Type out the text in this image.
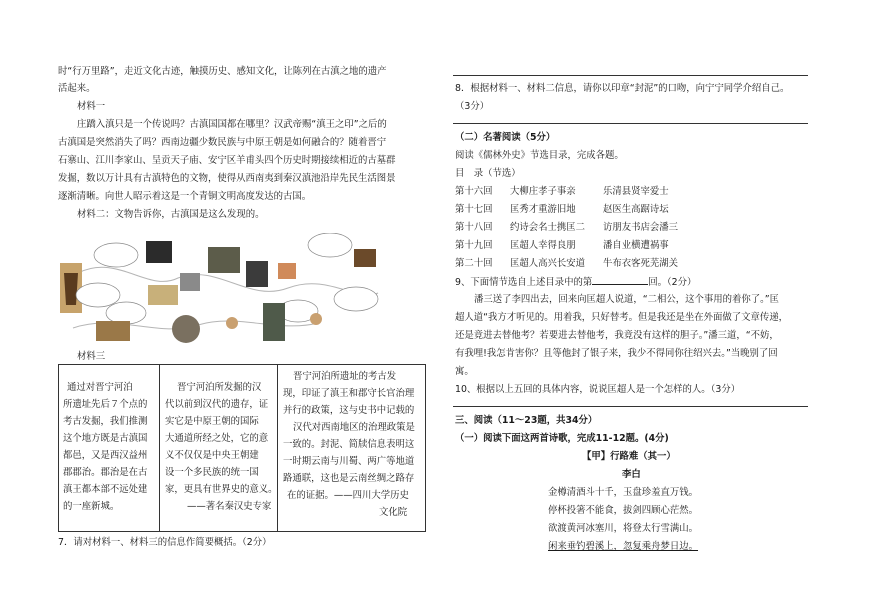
时“行万里路”，走近文化古迹，触摸历史、感知文化，让陈列在古滇之地的遗产
活起来。
材料一
庄蹻入滇只是一个传说吗？古滇国国都在哪里？汉武帝赐“滇王之印”之后的
古滇国是突然消失了吗？西南边疆少数民族与中原王朝是如何融合的？随着晋宁
石寨山、江川李家山、呈贡天子庙、安宁区羊甫头四个历史时期接续相近的古墓群
发掘，数以万计具有古滇特色的文物，使得从西南夷到秦汉滇池沿岸先民生活图景
逐渐清晰。向世人昭示着这是一个青铜文明高度发达的古国。
材料二：文物告诉你，古滇国是这么发现的。
材料三
通过对晋宁河泊
所遗址先后７个点的
考古发掘，我们推测
这个地方既是古滇国
都邑，又是西汉益州
郡郡治。郡治是在古
滇王都本部不远处建
的一座新城。
晋宁河泊所发掘的汉
代以前到汉代的遗存，证
实它是中原王朝的国际
大通道所经之处，它的意
义不仅仅是中央王朝建
设一个多民族的统一国
家，更具有世界史的意义。
——著名秦汉史专家
晋宁河泊所遗址的考古发
现，印证了滇王和郡守长官治理
并行的政策，这与史书中记载的
汉代对西南地区的治理政策是
一致的。封泥、简牍信息表明这
一时期云南与川蜀、两广等地道
路通联，这也是云南丝绸之路存
在的证据。——四川大学历史
文化院
7．请对材料一、材料三的信息作简要概括。（2分）
8．根据材料一、材料二信息，请你以印章“封泥”的口吻，向宁宁同学介绍自己。
（3分）
（二）名著阅读（5分）
阅读《儒林外史》节选目录，完成各题。
目　录（节选）
第十六回 大柳庄孝子事亲	乐清县贤宰爱士
第十七回 匡秀才重游旧地	赵医生高踞诗坛
第十八回 约诗会名士携匡二 访朋友书店会潘三
第十九回 匡超人幸得良朋	潘自业横遭祸事
第二十回 匡超人高兴长安道 牛布衣客死芜湖关
9、下面情节选自上述目录中的第	回。（2分）
潘三送了李四出去，回来向匡超人说道，“二相公，这个事用的着你了。”匡
超人道“我方才听见的。用着我，只好替考。但是我还是坐在外面做了文章传递，
还是竟进去替他考？若要进去替他考，我竟没有这样的胆子。”潘三道，“不妨，
有我哩!我怎肯害你？且等他封了银子来，我少不得同你往绍兴去。”当晚别了回
寓。
10、根据以上五回的具体内容，说说匡超人是一个怎样的人。（3分）
三、阅读（11～23题，共34分）
（一）阅读下面这两首诗歌，完成11-12题。(4分)
【甲】行路难（其一）
李白
金樽清酒斗十千，玉盘珍羞直万钱。
停杯投箸不能食，拔剑四顾心茫然。
欲渡黄河冰塞川，将登太行雪满山。
闲来垂钓碧溪上，忽复乘舟梦日边。
